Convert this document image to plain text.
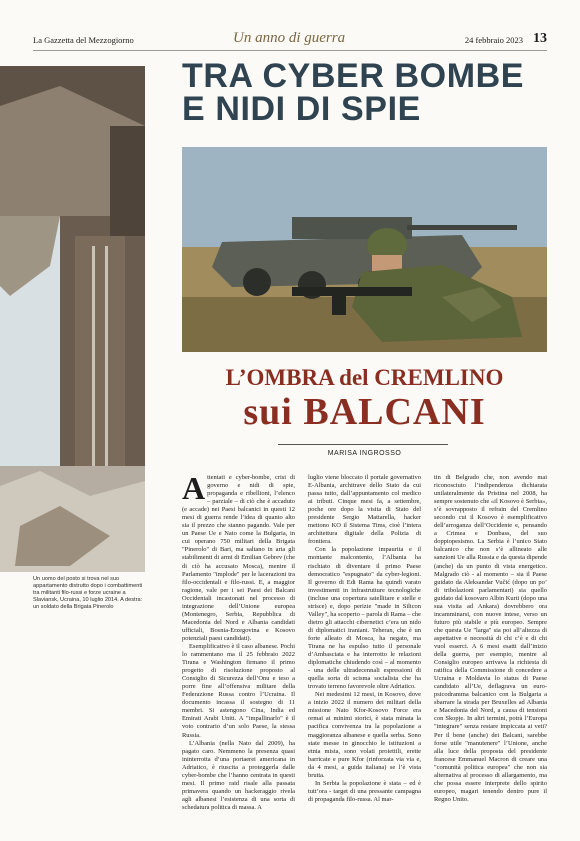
La Gazzetta del Mezzogiorno	Un anno di guerra	24 febbraio 2023 13
Un uomo del posto si trova nel suo appartamento distrutto dopo i combattimenti tra militanti filo-russi e forze ucraine a Slaviansk, Ucraina, 10 luglio 2014. A destra: un soldato della Brigata Pinerolo
TRA CYBER BOMBE
E NIDI DI SPIE
L’OMBRA del CREMLINO
sui BALCANI
MARISA INGROSSO

Attentati e cyber-bombe, crisi di governo e nidi di spie, propaganda e ribellioni, l’elenco – parziale – di ciò che è accaduto (e accade) nei Paesi balcanici in questi 12 mesi di guerra rende l’idea di quanto alto sia il prezzo che stanno pagando. Vale per un Paese Ue e Nato come la Bulgaria, in cui operano 750 militari della Brigata "Pinerolo" di Bari, ma saltano in aria gli stabilimenti di armi di Emilian Gebrev (che di ciò ha accusato Mosca), mentre il Parlamento "implode" per le lacerazioni tra filo-occidentali e filo-russi. E, a maggior ragione, vale per i sei Paesi dei Balcani Occidentali incastonati nel processo di integrazione dell’Unione europea (Montenegro, Serbia, Repubblica di Macedonia del Nord e Albania candidati ufficiali, Bosnia-Erzegovina e Kosovo potenziali paesi candidati).

Esemplificativo è il caso albanese. Pochi lo rammentano ma il 25 febbraio 2022 Tirana e Washington firmano il primo progetto di risoluzione proposto al Consiglio di Sicurezza dell’Onu e teso a porre fine all’offensiva militare della Federazione Russa contro l’Ucraina. Il documento incassa il sostegno di 11 membri. Si astengono Cina, India ed Emirati Arabi Uniti. A "impallinarlo" è il voto contrario d’un solo Paese, la stessa Russia.

L’Albania (nella Nato dal 2009), ha pagato caro. Nemmeno la presenza quasi ininterrotta d’una portaerei americana in Adriatico, è riuscita a proteggerla dalle cyber-bombe che l’hanno centrata in questi mesi. Il primo raid risale alla passata primavera quando un hackeraggio rivela agli albanesi l’esistenza di una sorta di schedatura politica di massa. A

luglio viene bloccato il portale governativo E-Albania, architrave dello Stato da cui passa tutto, dall’appuntamento col medico ai tributi. Cinque mesi fa, a settembre, poche ore dopo la visita di Stato del presidente Sergio Mattarella, hacker mettono KO il Sistema Tims, cioè l’intera architettura digitale della Polizia di frontiera.

Con la popolazione impaurita e il montante malcontento, l’Albania ha rischiato di diventare il primo Paese democratico "espugnato" da cyber-legioni. Il governo di Edi Rama ha quindi varato investimenti in infrastrutture tecnologiche (incluse una copertura satellitare e stelle e strisce) e, dopo perizie "made in Silicon Valley", ha scoperto – parola di Rama – che dietro gli attacchi cibernetici c’era un nido di diplomatici iraniani. Teheran, che è un forte alleato di Mosca, ha negato, ma Tirana ne ha espulso tutto il personale d’Ambasciata e ha interrotto le relazioni diplomatiche chiudendo così – al momento - una delle ultradecennali espressioni di quella sorta di scisma socialista che ha trovato terreno favorevole oltre Adriatico.

Nei medesimi 12 mesi, in Kosovo, dove a inizio 2022 il numero dei militari della missione Nato Kfor-Kosovo Force era ormai ai minimi storici, è stata minata la pacifica convivenza tra la popolazione a maggioranza albanese e quella serba. Sono state messe in ginocchio le istituzioni a etnia mista, sono volati proiettili, erette barricate e pure Kfor (rinforzata via via e, da 4 mesi, a guida italiana) se l’è vista brutta.

In Serbia la popolazione è stata – ed è tutt’ora - target di una pressante campagna di propaganda filo-russa. Al mar-

tin di Belgrado che, non avendo mai riconosciuto l’indipendenza dichiarata unilateralmente da Pristina nel 2008, ha sempre sostenuto che «il Kosovo è Serbia», s’è sovrapposto il refrain del Cremlino secondo cui il Kosovo è esemplificativo dell’arroganza dell’Occidente e, pensando a Crimea e Donbass, del suo doppiopesismo. La Serbia è l’unico Stato balcanico che non s’è allineato alle sanzioni Ue alla Russia e da questa dipende (anche) da un punto di vista energetico. Malgrado ciò - al momento – sia il Paese guidato da Aleksandar Vučić (dopo un po’ di tribolazioni parlamentari) sia quello guidato dal kosovaro Albin Kurti (dopo una sua visita ad Ankara) dovrebbero ora incamminarsi, con nuove intese, verso un futuro più stabile e più europeo. Sempre che questa Ue "larga" sia poi all’altezza di aspettative e necessità di chi c’è e di chi vuol esserci. A 6 mesi esatti dall’inizio della guerra, per esempio, mentre al Consiglio europeo arrivava la richiesta di ratifica della Commissione di concedere a Ucraina e Moldavia lo status di Paese candidato all’Ue, deflagrava un euro-psicodramma balcanico con la Bulgaria a sbarrare la strada per Bruxelles ad Albania e Macedonia del Nord, a causa di tensioni con Skopje. In altri termini, potrà l’Europa "integrare" senza restare impiccata ai veti? Per il bene (anche) dei Balcani, sarebbe forse utile "manutenere" l’Unione, anche alla luce della proposta del presidente francese Emmanuel Macron di creare una "comunità politica europea" che non sia alternativa al processo di allargamento, ma che possa essere interprete dello spirito europeo, magari tenendo dentro pure il Regno Unito.
